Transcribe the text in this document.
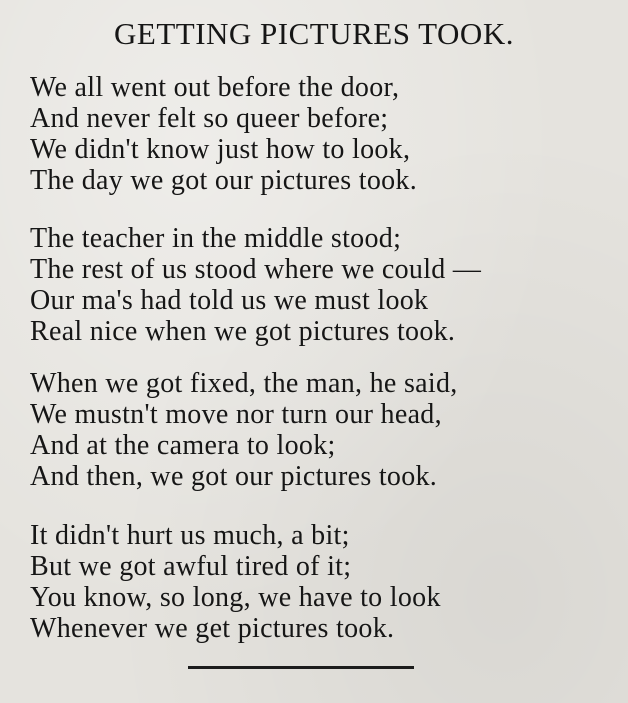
GETTING PICTURES TOOK.
We all went out before the door,
And never felt so queer before;
We didn't know just how to look,
The day we got our pictures took.
The teacher in the middle stood;
The rest of us stood where we could —
Our ma's had told us we must look
Real nice when we got pictures took.
When we got fixed, the man, he said,
We mustn't move nor turn our head,
And at the camera to look;
And then, we got our pictures took.
It didn't hurt us much, a bit;
But we got awful tired of it;
You know, so long, we have to look
Whenever we get pictures took.
